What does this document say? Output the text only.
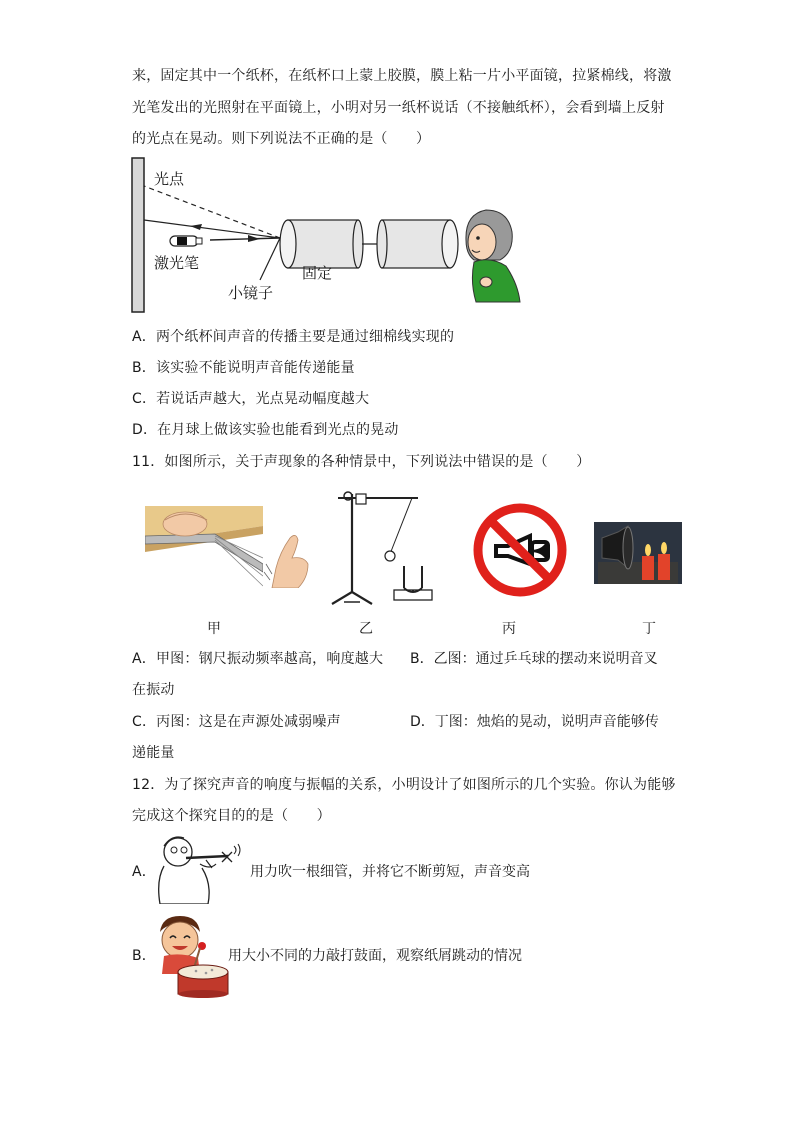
来，固定其中一个纸杯，在纸杯口上蒙上胶膜，膜上粘一片小平面镜，拉紧棉线，将激
光笔发出的光照射在平面镜上，小明对另一纸杯说话（不接触纸杯），会看到墙上反射
的光点在晃动。则下列说法不正确的是（　　）
光点
激光笔
小镜子
固定
A．两个纸杯间声音的传播主要是通过细棉线实现的
B．该实验不能说明声音能传递能量
C．若说话声越大，光点晃动幅度越大
D．在月球上做该实验也能看到光点的晃动
11．如图所示，关于声现象的各种情景中，下列说法中错误的是（　　）
甲	乙	丙	丁
A．甲图：钢尺振动频率越高，响度越大 B．乙图：通过乒乓球的摆动来说明音叉
在振动
C．丙图：这是在声源处减弱噪声	D．丁图：烛焰的晃动，说明声音能够传
递能量
12．为了探究声音的响度与振幅的关系，小明设计了如图所示的几个实验。你认为能够
完成这个探究目的的是（　　）
A．	用力吹一根细管，并将它不断剪短，声音变高
B．	用大小不同的力敲打鼓面，观察纸屑跳动的情况
